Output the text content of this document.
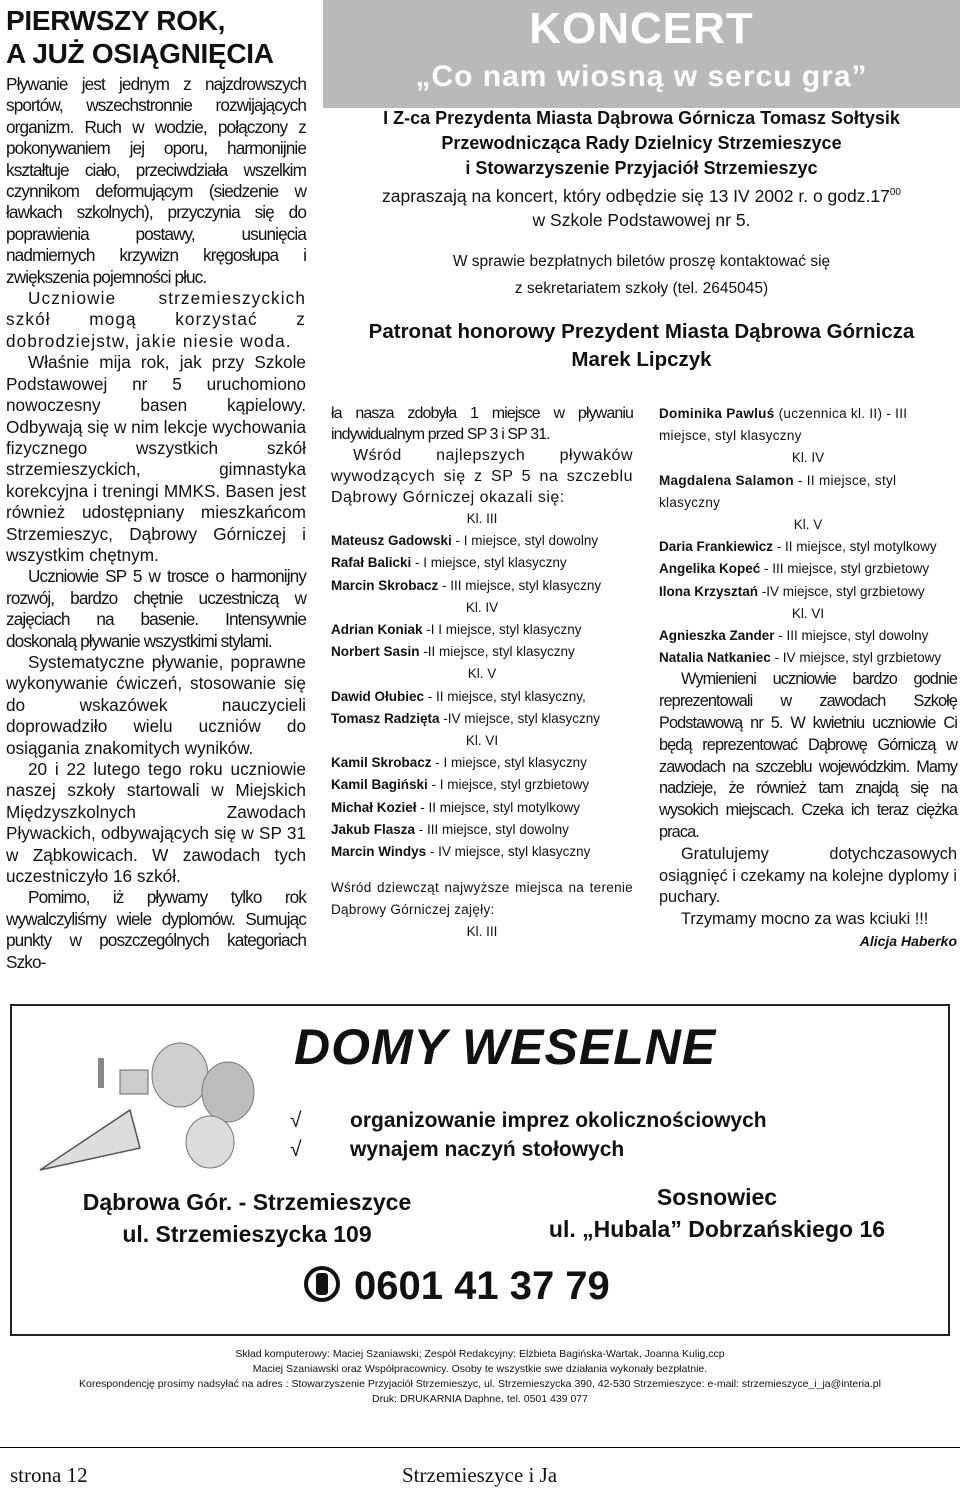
PIERWSZY ROK,
A JUŻ OSIĄGNIĘCIA

Pływanie jest jednym z najzdrowszych sportów, wszechstronnie rozwijających organizm. Ruch w wodzie, połączony z pokonywaniem jej oporu, harmonijnie kształtuje ciało, przeciwdziała wszelkim czynnikom deformującym (siedzenie w ławkach szkolnych), przyczynia się do poprawienia postawy, usunięcia nadmiernych krzywizn kręgosłupa i zwiększenia pojemności płuc.

Uczniowie strzemieszyckich szkół mogą korzystać z dobrodziejstw, jakie niesie woda.

Właśnie mija rok, jak przy Szkole Podstawowej nr 5 uruchomiono nowoczesny basen kąpielowy. Odbywają się w nim lekcje wychowania fizycznego wszystkich szkół strzemieszyckich, gimnastyka korekcyjna i treningi MMKS. Basen jest również udostępniany mieszkańcom Strzemieszyc, Dąbrowy Górniczej i wszystkim chętnym.

Uczniowie SP 5 w trosce o harmonijny rozwój, bardzo chętnie uczestniczą w zajęciach na basenie. Intensywnie doskonalą pływanie wszystkimi stylami.

Systematyczne pływanie, poprawne wykonywanie ćwiczeń, stosowanie się do wskazówek nauczycieli doprowadziło wielu uczniów do osiągania znakomitych wyników.

20 i 22 lutego tego roku uczniowie naszej szkoły startowali w Miejskich Międzyszkolnych Zawodach Pływackich, odbywających się w SP 31 w Ząbkowicach. W zawodach tych uczestniczyło 16 szkół.

Pomimo, iż pływamy tylko rok wywalczyliśmy wiele dyplomów. Sumując punkty w poszczególnych kategoriach Szko-

KONCERT
„Co nam wiosną w sercu gra”
I Z-ca Prezydenta Miasta Dąbrowa Górnicza Tomasz Sołtysik
Przewodnicząca Rady Dzielnicy Strzemieszyce
i Stowarzyszenie Przyjaciół Strzemieszyc
zapraszają na koncert, który odbędzie się 13 IV 2002 r. o $godz.17^{00}$
w Szkole Podstawowej nr 5.
W sprawie bezpłatnych biletów proszę kontaktować się
z sekretariatem szkoły (tel. 2645045)
Patronat honorowy Prezydent Miasta Dąbrowa Górnicza
Marek Lipczyk

ła nasza zdobyła 1 miejsce w pływaniu indywidualnym przed SP 3 i SP 31.

Wśród najlepszych pływaków wywodzących się z SP 5 na szczeblu Dąbrowy Górniczej okazali się:

Kl. III
Mateusz Gadowski - I miejsce, styl dowolny
Rafał Balicki - I miejsce, styl klasyczny
Marcin Skrobacz - III miejsce, styl klasyczny
Kl. IV
Adrian Koniak -I I miejsce, styl klasyczny
Norbert Sasin -II miejsce, styl klasyczny
Kl. V
Dawid Ołubiec - II miejsce, styl klasyczny,
Tomasz Radzięta -IV miejsce, styl klasyczny
Kl. VI
Kamil Skrobacz - I miejsce, styl klasyczny
Kamil Bagiński - I miejsce, styl grzbietowy
Michał Kozieł - II miejsce, styl motylkowy
Jakub Flasza - III miejsce, styl dowolny
Marcin Windys - IV miejsce, styl klasyczny

Wśród dziewcząt najwyższe miejsca na terenie Dąbrowy Górniczej zajęły:

Kl. III
Dominika Pawluś (uczennica kl. II) - III miejsce, styl klasyczny
Kl. IV
Magdalena Salamon - II miejsce, styl klasyczny
Kl. V
Daria Frankiewicz - II miejsce, styl motylkowy
Angelika Kopeć - III miejsce, styl grzbietowy
Ilona Krzysztań -IV miejsce, styl grzbietowy
Kl. VI
Agnieszka Zander - III miejsce, styl dowolny
Natalia Natkaniec - IV miejsce, styl grzbietowy

Wymienieni uczniowie bardzo godnie reprezentowali w zawodach Szkołę Podstawową nr 5. W kwietniu uczniowie Ci będą reprezentować Dąbrowę Górniczą w zawodach na szczeblu wojewódzkim. Mamy nadzieje, że również tam znajdą się na wysokich miejscach. Czeka ich teraz ciężka praca.

Gratulujemy dotychczasowych osiągnięć i czekamy na kolejne dyplomy i puchary.

Trzymamy mocno za was kciuki !!!

Alicja Haberko
DOMY WESELNE
√ organizowanie imprez okolicznościowych
√ wynajem naczyń stołowych
Dąbrowa Gór. - Strzemieszyce
ul. Strzemieszycka 109
Sosnowiec
ul. „Hubala” Dobrzańskiego 16
0601 41 37 79
Skład komputerowy: Maciej Szaniawski; Zespół Redakcyjny: Elżbieta Bagińska-Wartak, Joanna Kulig,ccp
Maciej Szaniawski oraz Współpracownicy. Osoby te wszystkie swe działania wykonały bezpłatnie.
Korespondencję prosimy nadsyłać na adres : Stowarzyszenie Przyjaciół Strzemieszyc, ul. Strzemieszycka 390, 42-530 Strzemieszyce: e-mail: strzemieszyce_i_ja@interia.pl
Druk: DRUKARNIA Daphne, tel. 0501 439 077
strona 12	Strzemieszyce i Ja
